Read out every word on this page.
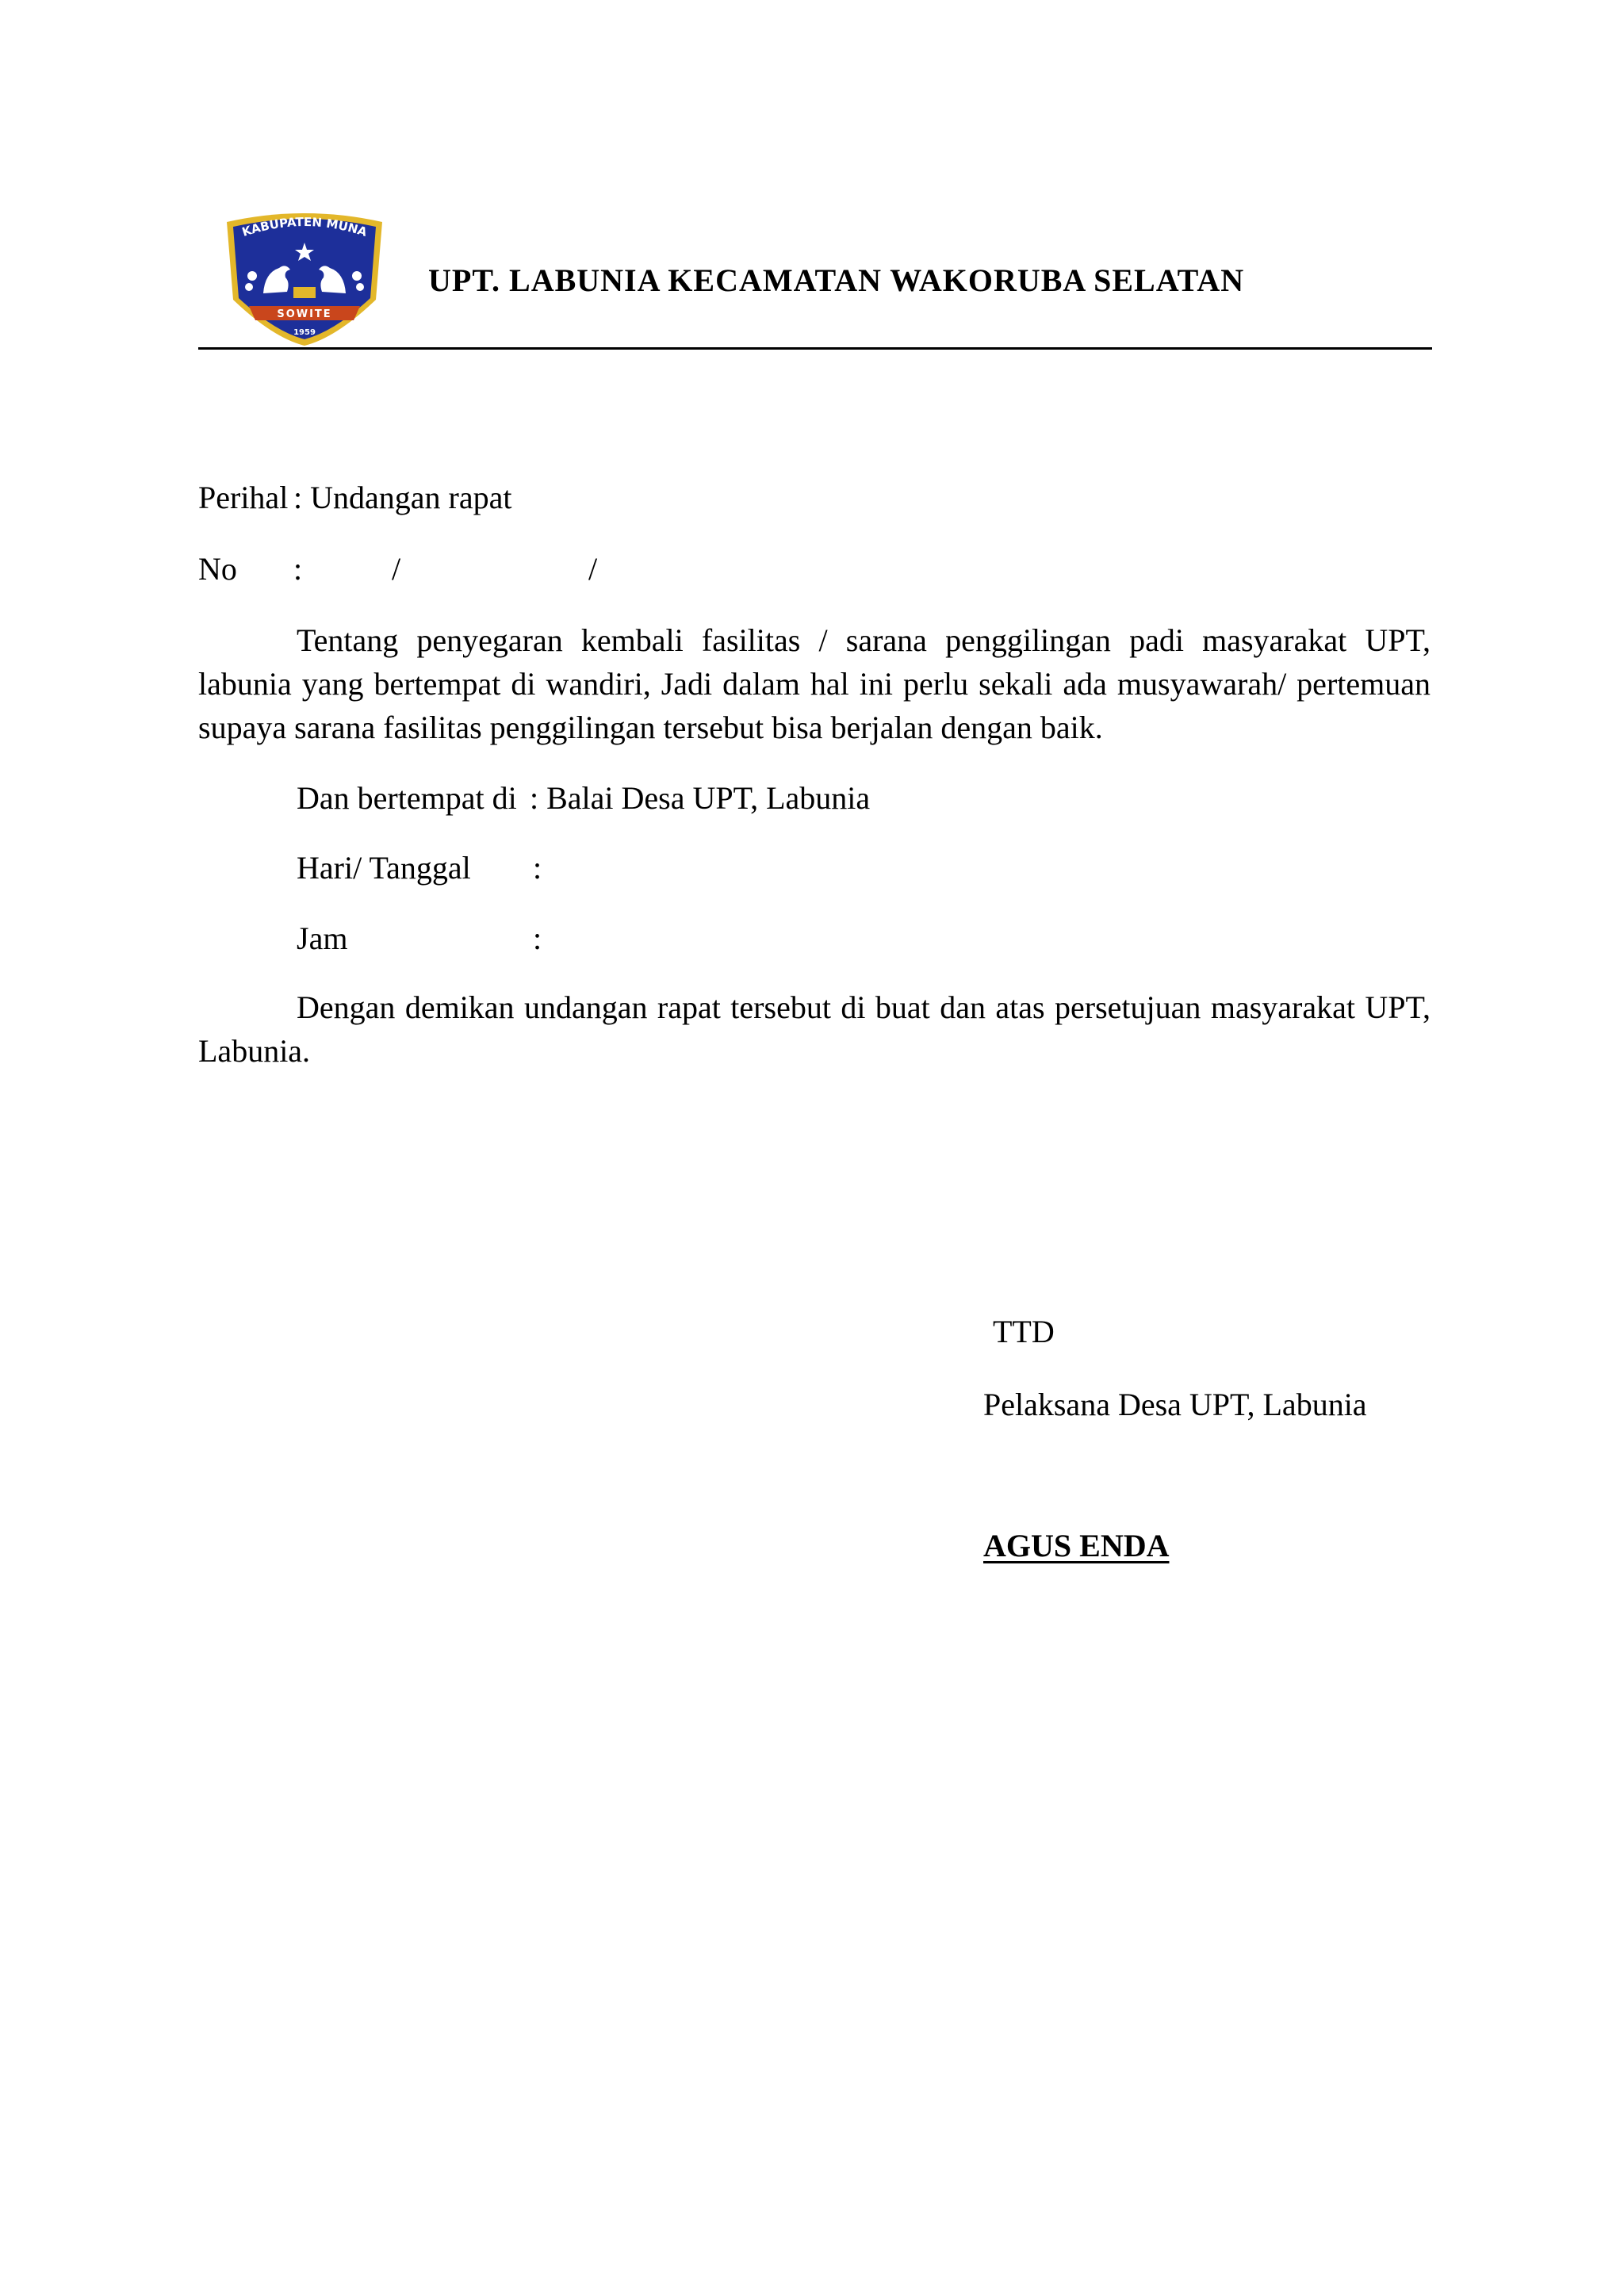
KABUPATEN MUNA
SOWITE
1959
UPT. LABUNIA KECAMATAN WAKORUBA SELATAN
Perihal : Undangan rapat
No :	/	/
Tentang penyegaran kembali fasilitas / sarana penggilingan padi masyarakat UPT, labunia yang bertempat di wandiri, Jadi dalam hal ini perlu sekali ada musyawarah/ pertemuan supaya sarana fasilitas penggilingan tersebut bisa berjalan dengan baik.
Dan bertempat di : Balai Desa UPT, Labunia
Hari/ Tanggal :
Jam	:
Dengan demikan undangan rapat tersebut di buat dan atas persetujuan masyarakat UPT, Labunia.
TTD
Pelaksana Desa UPT, Labunia
AGUS ENDA
